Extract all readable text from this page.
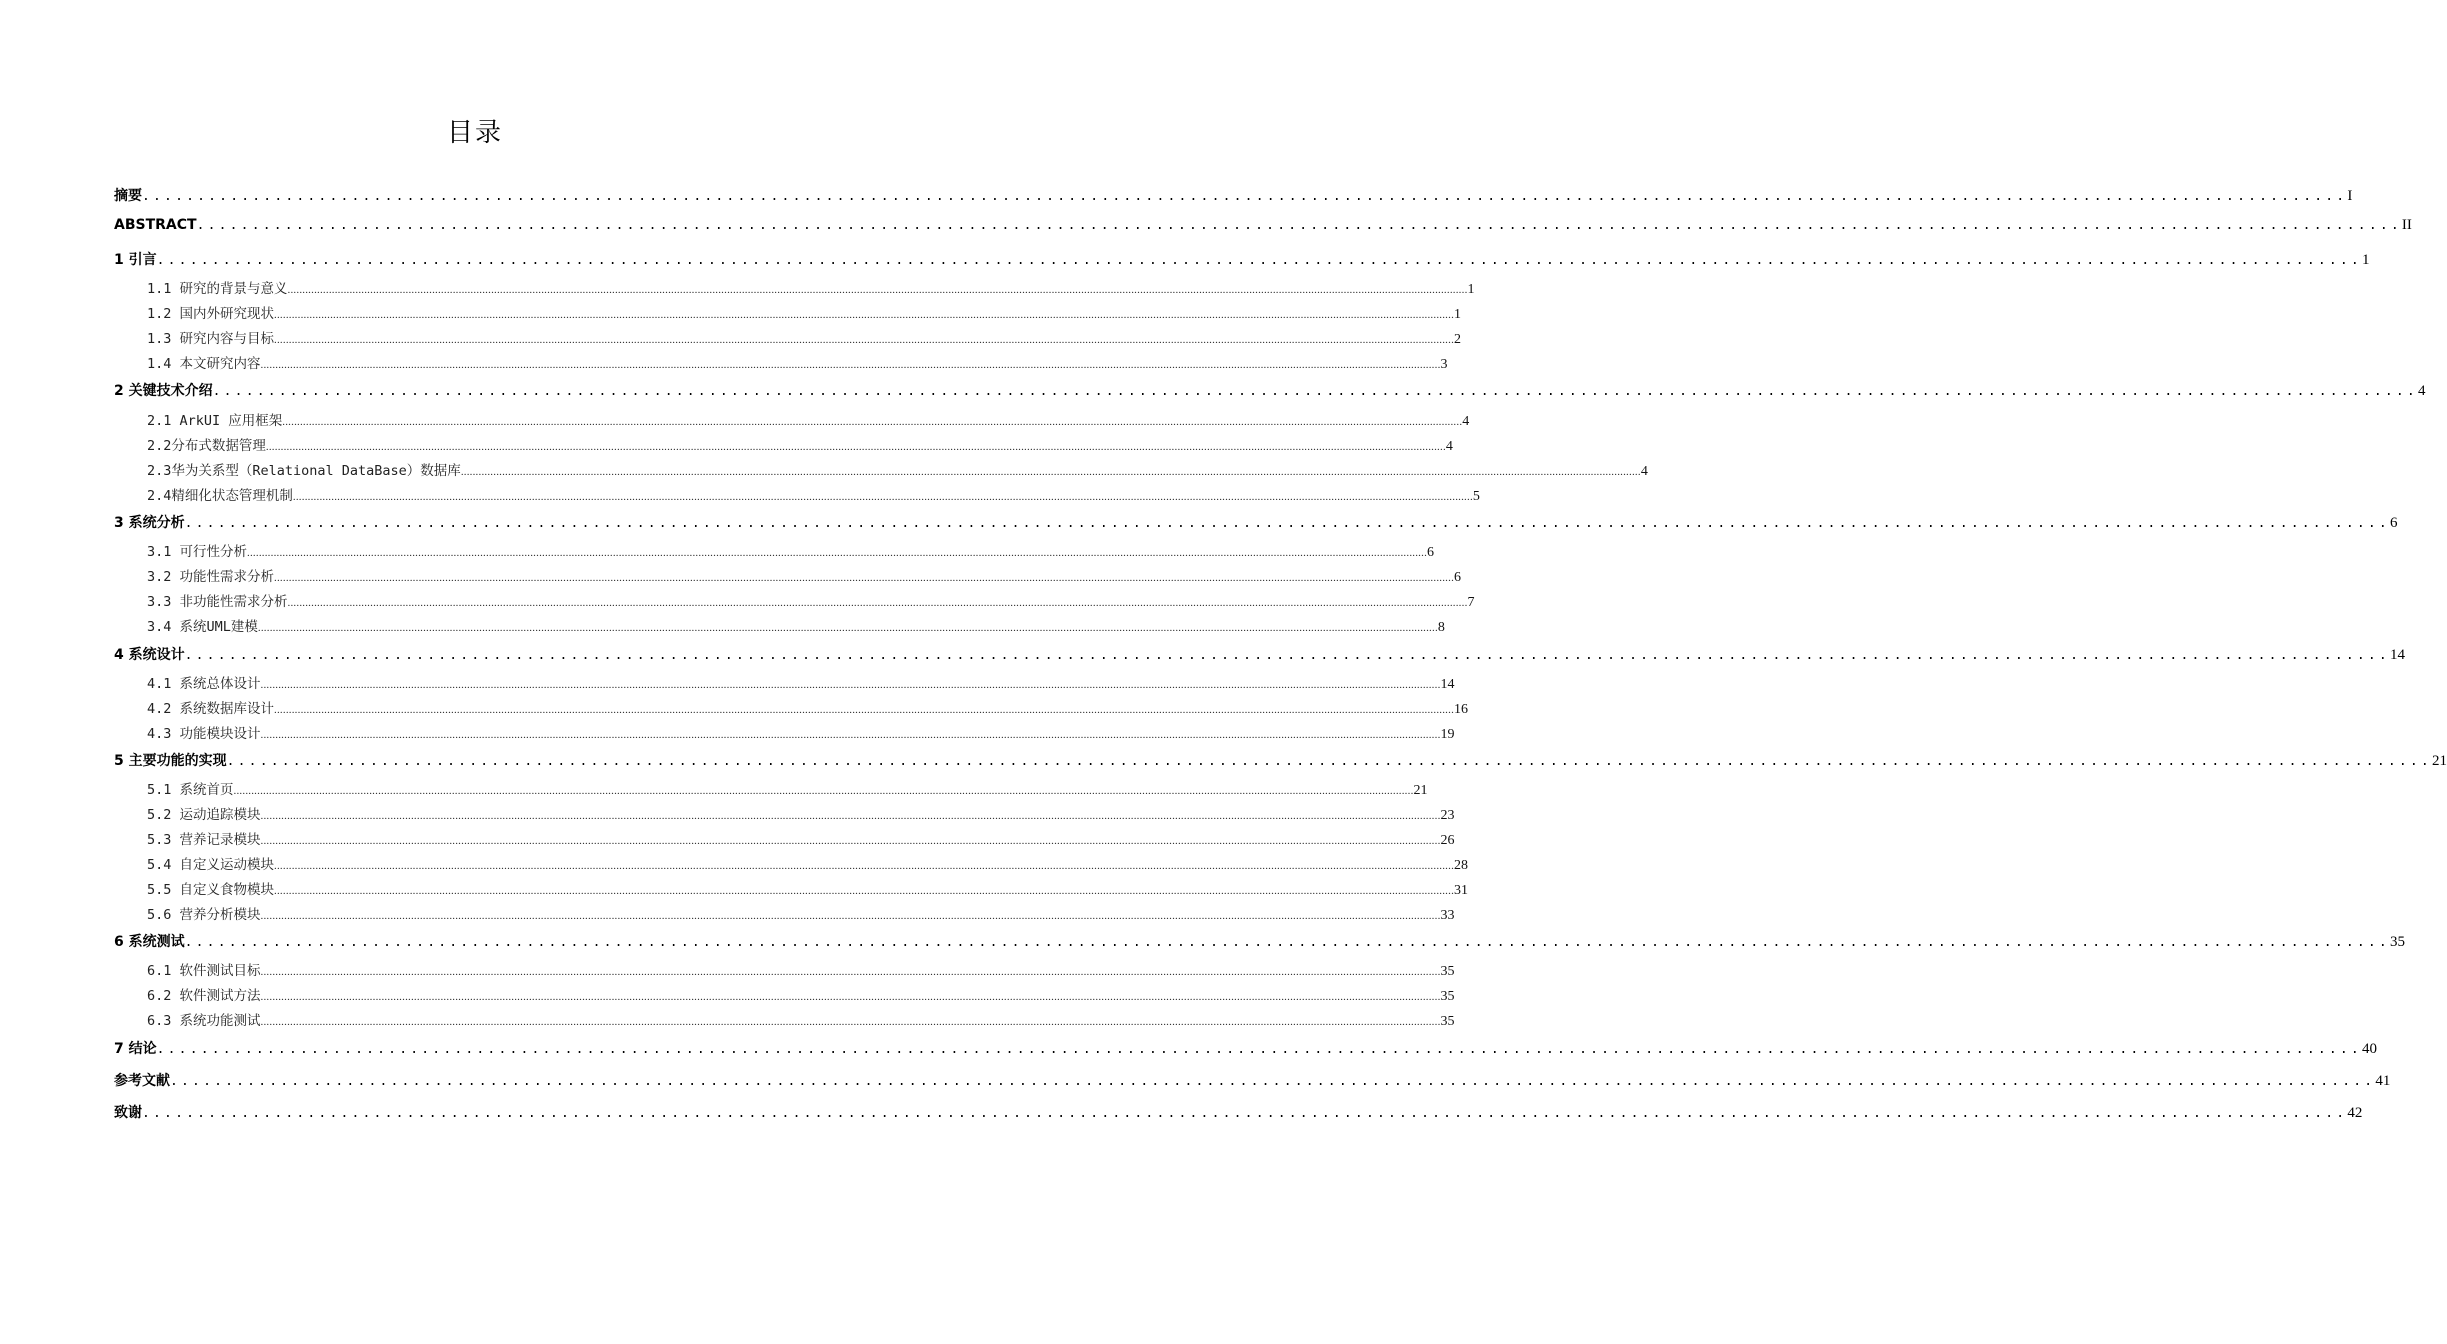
目录
摘要 ........................................................................................................................................................................................................ I
ABSTRACT ........................................................................................................................................................................................................ II
1 引言 ........................................................................................................................................................................................................ 1
1.1 研究的背景与意义 ................................................................................................................................................................................................................................................................................................................................................................................................................ 1
1.2 国内外研究现状 ................................................................................................................................................................................................................................................................................................................................................................................................................ 1
1.3 研究内容与目标 ................................................................................................................................................................................................................................................................................................................................................................................................................ 2
1.4 本文研究内容 ................................................................................................................................................................................................................................................................................................................................................................................................................ 3
2 关键技术介绍 ........................................................................................................................................................................................................ 4
2.1 ArkUI 应用框架 ................................................................................................................................................................................................................................................................................................................................................................................................................ 4
2.2分布式数据管理 ................................................................................................................................................................................................................................................................................................................................................................................................................ 4
2.3华为关系型（Relational DataBase）数据库 ................................................................................................................................................................................................................................................................................................................................................................................................................ 4
2.4精细化状态管理机制 ................................................................................................................................................................................................................................................................................................................................................................................................................ 5
3 系统分析 ........................................................................................................................................................................................................ 6
3.1 可行性分析 ................................................................................................................................................................................................................................................................................................................................................................................................................ 6
3.2 功能性需求分析 ................................................................................................................................................................................................................................................................................................................................................................................................................ 6
3.3 非功能性需求分析 ................................................................................................................................................................................................................................................................................................................................................................................................................ 7
3.4 系统UML建模 ................................................................................................................................................................................................................................................................................................................................................................................................................ 8
4 系统设计 ........................................................................................................................................................................................................ 14
4.1 系统总体设计 ................................................................................................................................................................................................................................................................................................................................................................................................................ 14
4.2 系统数据库设计 ................................................................................................................................................................................................................................................................................................................................................................................................................ 16
4.3 功能模块设计 ................................................................................................................................................................................................................................................................................................................................................................................................................ 19
5 主要功能的实现 ........................................................................................................................................................................................................ 21
5.1 系统首页 ................................................................................................................................................................................................................................................................................................................................................................................................................ 21
5.2 运动追踪模块 ................................................................................................................................................................................................................................................................................................................................................................................................................ 23
5.3 营养记录模块 ................................................................................................................................................................................................................................................................................................................................................................................................................ 26
5.4 自定义运动模块 ................................................................................................................................................................................................................................................................................................................................................................................................................ 28
5.5 自定义食物模块 ................................................................................................................................................................................................................................................................................................................................................................................................................ 31
5.6 营养分析模块 ................................................................................................................................................................................................................................................................................................................................................................................................................ 33
6 系统测试 ........................................................................................................................................................................................................ 35
6.1 软件测试目标 ................................................................................................................................................................................................................................................................................................................................................................................................................ 35
6.2 软件测试方法 ................................................................................................................................................................................................................................................................................................................................................................................................................ 35
6.3 系统功能测试 ................................................................................................................................................................................................................................................................................................................................................................................................................ 35
7 结论 ........................................................................................................................................................................................................ 40
参考文献 ........................................................................................................................................................................................................ 41
致谢 ........................................................................................................................................................................................................ 42
